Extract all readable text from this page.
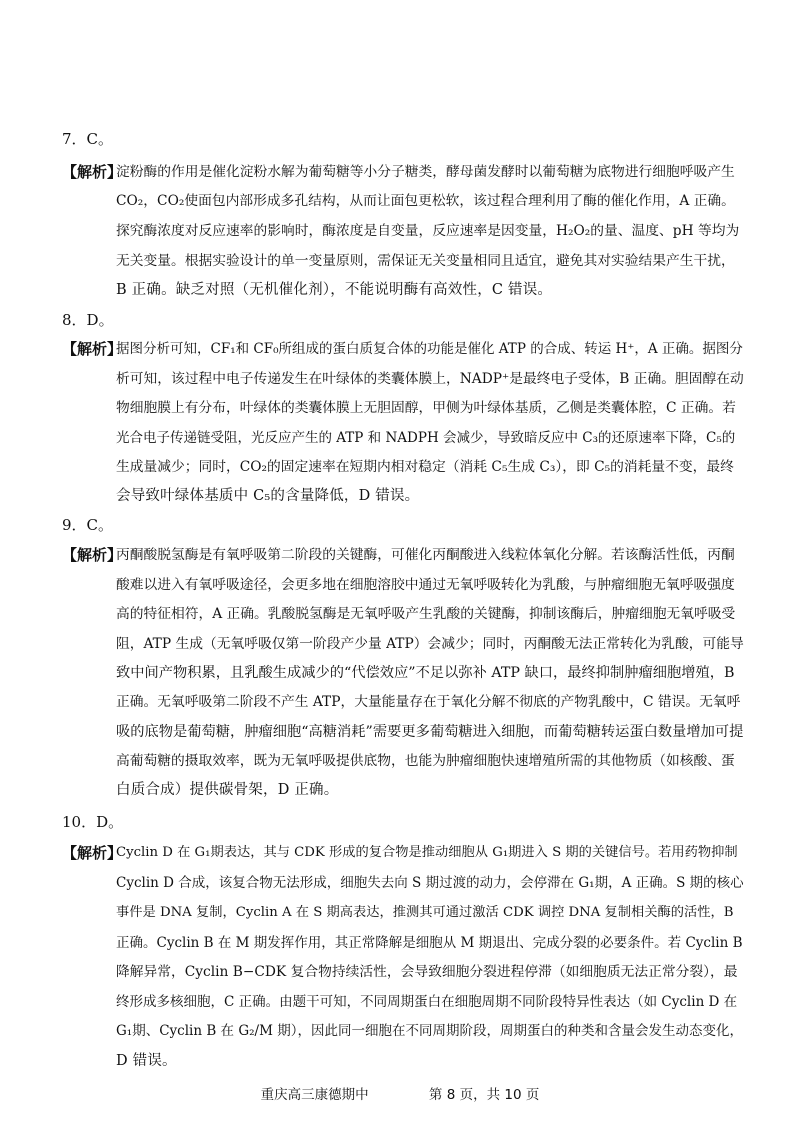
7．C。
【解析】
淀粉酶的作用是催化淀粉水解为葡萄糖等小分子糖类，酵母菌发酵时以葡萄糖为底物进行细胞呼吸产生
CO₂，CO₂使面包内部形成多孔结构，从而让面包更松软，该过程合理利用了酶的催化作用，A 正确。
探究酶浓度对反应速率的影响时，酶浓度是自变量，反应速率是因变量，H₂O₂的量、温度、pH 等均为
无关变量。根据实验设计的单一变量原则，需保证无关变量相同且适宜，避免其对实验结果产生干扰，
B 正确。缺乏对照（无机催化剂），不能说明酶有高效性，C 错误。
8．D。
【解析】
据图分析可知，CF₁和 CF₀所组成的蛋白质复合体的功能是催化 ATP 的合成、转运 H⁺，A 正确。据图分
析可知，该过程中电子传递发生在叶绿体的类囊体膜上，NADP⁺是最终电子受体，B 正确。胆固醇在动
物细胞膜上有分布，叶绿体的类囊体膜上无胆固醇，甲侧为叶绿体基质，乙侧是类囊体腔，C 正确。若
光合电子传递链受阻，光反应产生的 ATP 和 NADPH 会减少，导致暗反应中 C₃的还原速率下降，C₅的
生成量减少；同时，CO₂的固定速率在短期内相对稳定（消耗 C₅生成 C₃），即 C₅的消耗量不变，最终
会导致叶绿体基质中 C₅的含量降低，D 错误。
9．C。
【解析】
丙酮酸脱氢酶是有氧呼吸第二阶段的关键酶，可催化丙酮酸进入线粒体氧化分解。若该酶活性低，丙酮
酸难以进入有氧呼吸途径，会更多地在细胞溶胶中通过无氧呼吸转化为乳酸，与肿瘤细胞无氧呼吸强度
高的特征相符，A 正确。乳酸脱氢酶是无氧呼吸产生乳酸的关键酶，抑制该酶后，肿瘤细胞无氧呼吸受
阻，ATP 生成（无氧呼吸仅第一阶段产少量 ATP）会减少；同时，丙酮酸无法正常转化为乳酸，可能导
致中间产物积累，且乳酸生成减少的“代偿效应”不足以弥补 ATP 缺口，最终抑制肿瘤细胞增殖，B
正确。无氧呼吸第二阶段不产生 ATP，大量能量存在于氧化分解不彻底的产物乳酸中，C 错误。无氧呼
吸的底物是葡萄糖，肿瘤细胞“高糖消耗”需要更多葡萄糖进入细胞，而葡萄糖转运蛋白数量增加可提
高葡萄糖的摄取效率，既为无氧呼吸提供底物，也能为肿瘤细胞快速增殖所需的其他物质（如核酸、蛋
白质合成）提供碳骨架，D 正确。
10．D。
【解析】
Cyclin D 在 G₁期表达，其与 CDK 形成的复合物是推动细胞从 G₁期进入 S 期的关键信号。若用药物抑制
Cyclin D 合成，该复合物无法形成，细胞失去向 S 期过渡的动力，会停滞在 G₁期，A 正确。S 期的核心
事件是 DNA 复制，Cyclin A 在 S 期高表达，推测其可通过激活 CDK 调控 DNA 复制相关酶的活性，B
正确。Cyclin B 在 M 期发挥作用，其正常降解是细胞从 M 期退出、完成分裂的必要条件。若 Cyclin B
降解异常，Cyclin B−CDK 复合物持续活性，会导致细胞分裂进程停滞（如细胞质无法正常分裂），最
终形成多核细胞，C 正确。由题干可知，不同周期蛋白在细胞周期不同阶段特异性表达（如 Cyclin D 在
G₁期、Cyclin B 在 G₂/M 期），因此同一细胞在不同周期阶段，周期蛋白的种类和含量会发生动态变化，
D 错误。
重庆高三康德期中	第 8 页，共 10 页
